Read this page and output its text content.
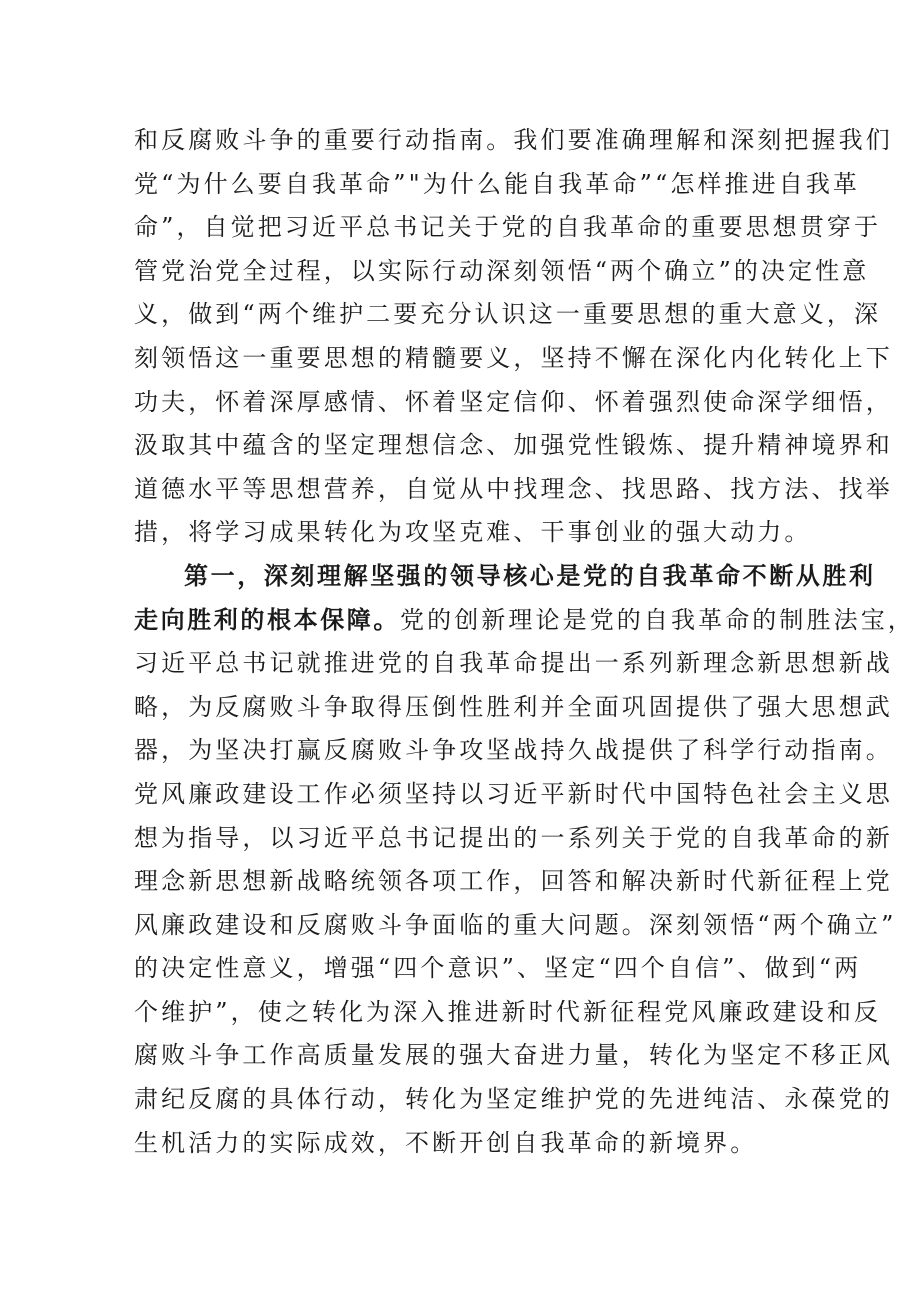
和反腐败斗争的重要行动指南。我们要准确理解和深刻把握我们
党“为什么要自我革命”"为什么能自我革命”“怎样推进自我革
命”，自觉把习近平总书记关于党的自我革命的重要思想贯穿于
管党治党全过程，以实际行动深刻领悟“两个确立”的决定性意
义，做到“两个维护二要充分认识这一重要思想的重大意义，深
刻领悟这一重要思想的精髓要义，坚持不懈在深化内化转化上下
功夫，怀着深厚感情、怀着坚定信仰、怀着强烈使命深学细悟，
汲取其中蕴含的坚定理想信念、加强党性锻炼、提升精神境界和
道德水平等思想营养，自觉从中找理念、找思路、找方法、找举
措，将学习成果转化为攻坚克难、干事创业的强大动力。
第一，深刻理解坚强的领导核心是党的自我革命不断从胜利
走向胜利的根本保障。党的创新理论是党的自我革命的制胜法宝，
习近平总书记就推进党的自我革命提出一系列新理念新思想新战
略，为反腐败斗争取得压倒性胜利并全面巩固提供了强大思想武
器，为坚决打赢反腐败斗争攻坚战持久战提供了科学行动指南。
党风廉政建设工作必须坚持以习近平新时代中国特色社会主义思
想为指导，以习近平总书记提出的一系列关于党的自我革命的新
理念新思想新战略统领各项工作，回答和解决新时代新征程上党
风廉政建设和反腐败斗争面临的重大问题。深刻领悟“两个确立”
的决定性意义，增强“四个意识”、坚定“四个自信”、做到“两
个维护”，使之转化为深入推进新时代新征程党风廉政建设和反
腐败斗争工作高质量发展的强大奋进力量，转化为坚定不移正风
肃纪反腐的具体行动，转化为坚定维护党的先进纯洁、永葆党的
生机活力的实际成效，不断开创自我革命的新境界。
